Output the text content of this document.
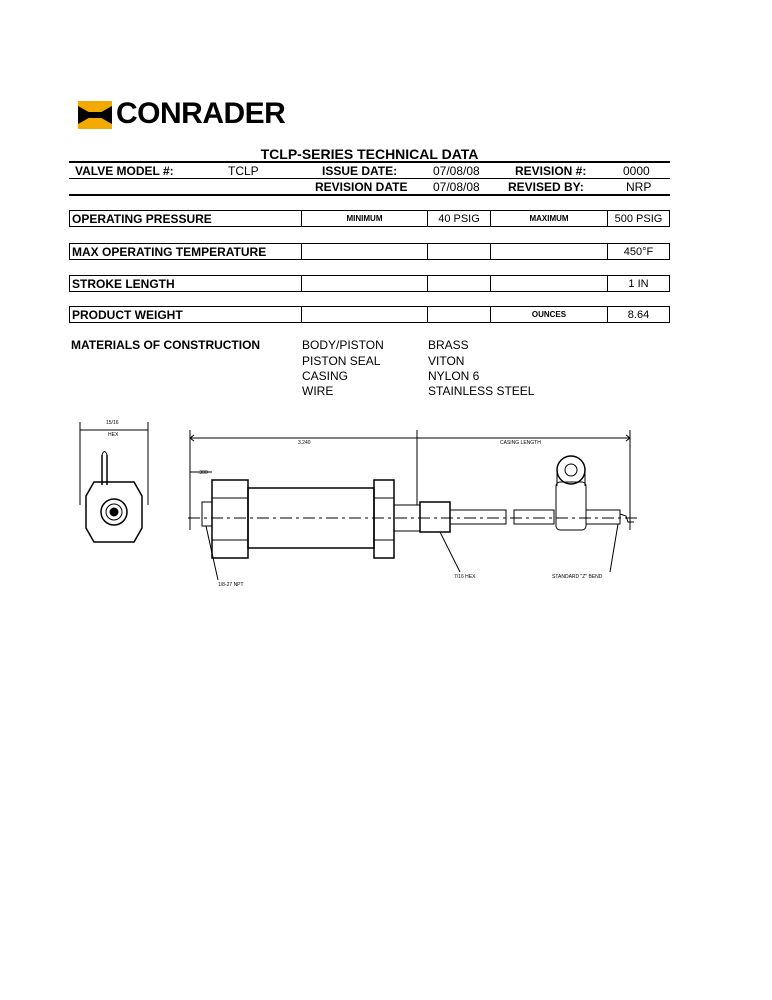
CONRADER
TCLP-SERIES TECHNICAL DATA
VALVE MODEL #:	TCLP	ISSUE DATE:	07/08/08	REVISION #:	0000
REVISION DATE 07/08/08 REVISED BY:	NRP
OPERATING PRESSURE	MINIMUM	40 PSIG	MAXIMUM	500 PSIG
MAX OPERATING TEMPERATURE	450°F
STROKE LENGTH	1 IN
PRODUCT WEIGHT	OUNCES	8.64
MATERIALS OF CONSTRUCTION	BODY/PISTON	BRASS
PISTON SEAL	VITON
CASING	NYLON 6
WIRE	STAINLESS STEEL
15/16
HEX
3.240	CASING LENGTH
.300
1/8-27 NPT
7/16 HEX	STANDARD "Z" BEND
